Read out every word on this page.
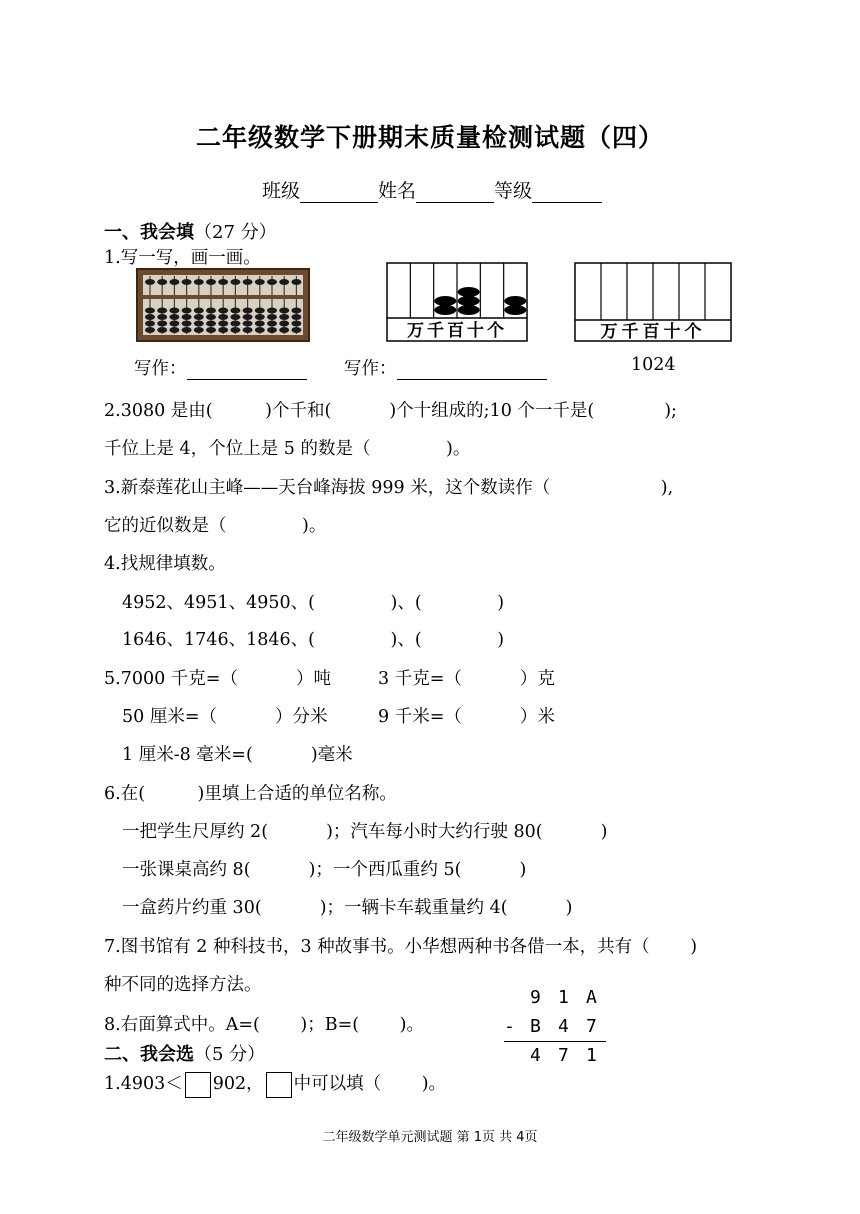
二年级数学下册期末质量检测试题（四）
班级	姓名	等级
一、我会填（27 分）
1.写一写，画一画。
万千百十个	万千百十个
写作：	写作：	1024
2.3080 是由(　　　)个千和(　　　 )个十组成的;10 个一千是(　　　　);
千位上是 4，个位上是 5 的数是（　　　　 )。
3.新泰莲花山主峰——天台峰海拔 999 米，这个数读作（　　　　　　 ),
它的近似数是（　　　　 )。
4.找规律填数。
4952、4951、4950、(　　　　 )、(　　　　 )
1646、1746、1846、(　　　　 )、(　　　　 )
5.7000 千克=（　　　 ）吨	3 千克=（　　　 ）克
50 厘米=（　　　 ）分米	9 千米=（　　　 ）米
1 厘米-8 毫米=(　　　 )毫米
6.在(　　　)里填上合适的单位名称。
一把学生尺厚约 2(　　　 )；汽车每小时大约行驶 80(　　　 )
一张课桌高约 8(　　　 )；一个西瓜重约 5(　　　 )
一盒药片约重 30(　　　 )；一辆卡车载重量约 4(　　　 )
7.图书馆有 2 种科技书，3 种故事书。小华想两种书各借一本，共有（　　 )
种不同的选择方法。
8.右面算式中。A=(　　 )；B=(　　 )。
9 1 A
- B 4 7
4 7 1
二、我会选（5 分）
1.4903＜ 902， 中可以填（　　 )。
二年级数学单元测试题 第 1页 共 4页
